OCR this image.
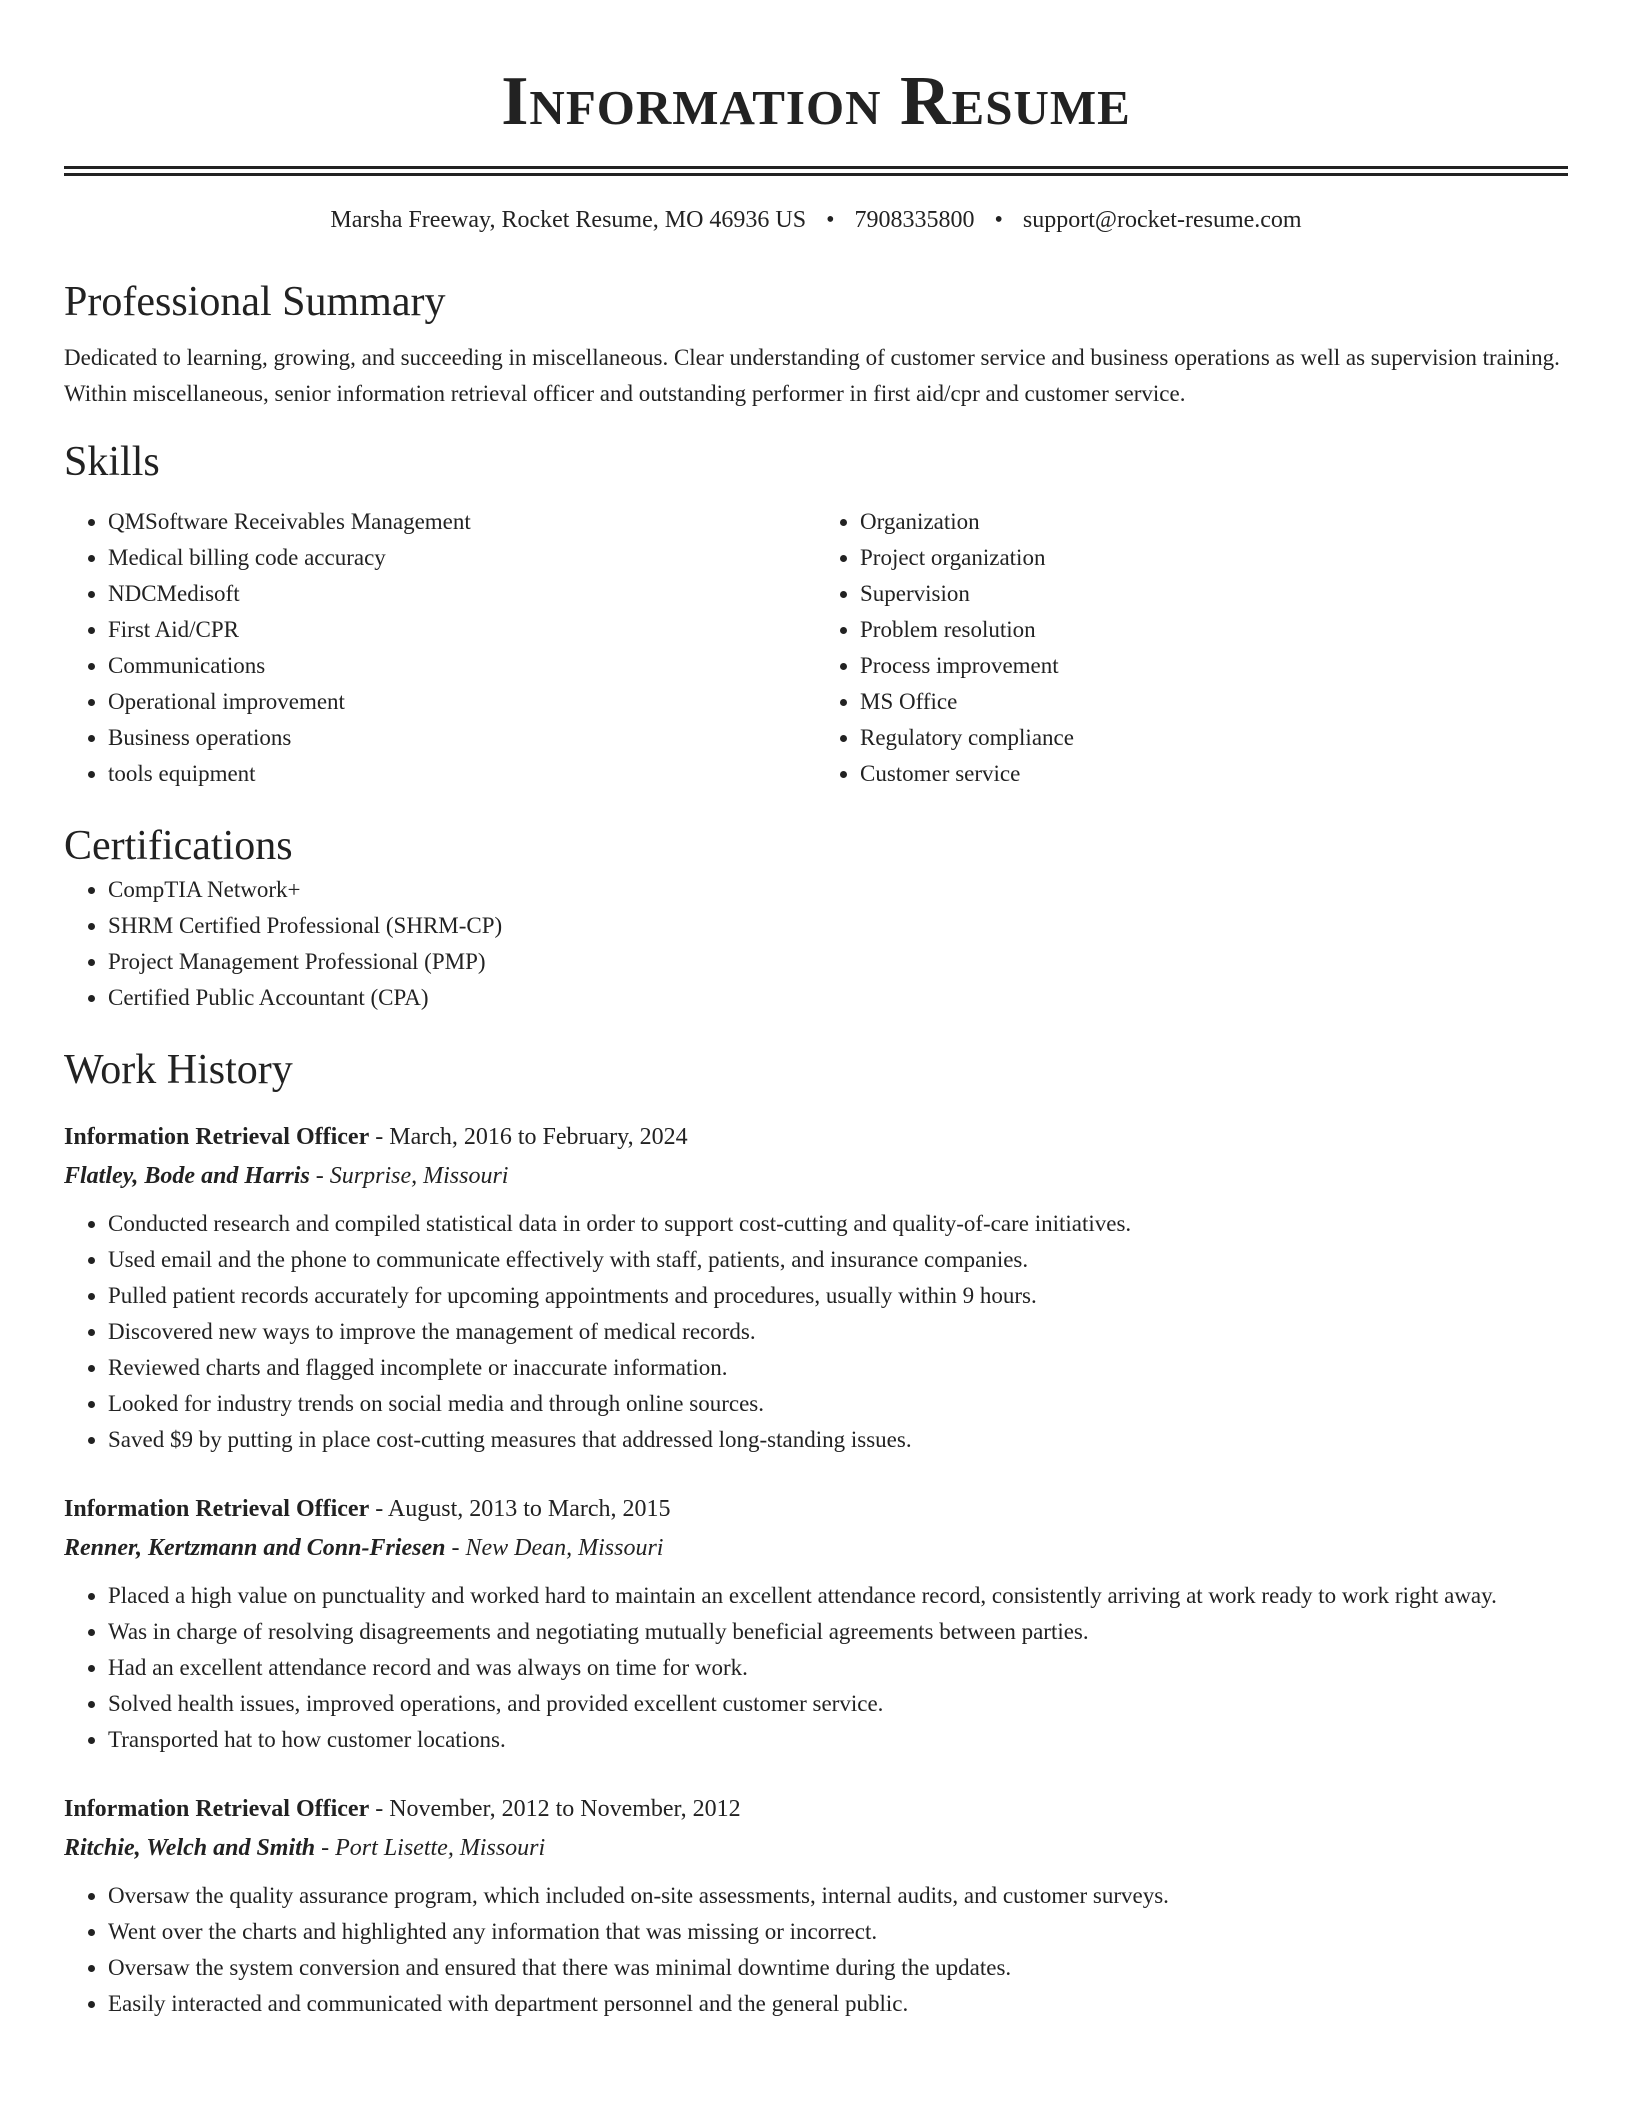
Information Resume
Marsha Freeway, Rocket Resume, MO 46936 US • 7908335800 • support@rocket-resume.com
Professional Summary

Dedicated to learning, growing, and succeeding in miscellaneous. Clear understanding of customer service and business operations as well as supervision training. Within miscellaneous, senior information retrieval officer and outstanding performer in first aid/cpr and customer service.

Skills
• QMSoftware Receivables Management
• Medical billing code accuracy
• NDCMedisoft
• First Aid/CPR
• Communications
• Operational improvement
• Business operations
• tools equipment
• Organization
• Project organization
• Supervision
• Problem resolution
• Process improvement
• MS Office
• Regulatory compliance
• Customer service
Certifications
• CompTIA Network+
• SHRM Certified Professional (SHRM-CP)
• Project Management Professional (PMP)
• Certified Public Accountant (CPA)
Work History
Information Retrieval Officer - March, 2016 to February, 2024
Flatley, Bode and Harris - Surprise, Missouri
• Conducted research and compiled statistical data in order to support cost-cutting and quality-of-care initiatives.
• Used email and the phone to communicate effectively with staff, patients, and insurance companies.
• Pulled patient records accurately for upcoming appointments and procedures, usually within 9 hours.
• Discovered new ways to improve the management of medical records.
• Reviewed charts and flagged incomplete or inaccurate information.
• Looked for industry trends on social media and through online sources.
• Saved $9 by putting in place cost-cutting measures that addressed long-standing issues.
Information Retrieval Officer - August, 2013 to March, 2015
Renner, Kertzmann and Conn-Friesen - New Dean, Missouri
• Placed a high value on punctuality and worked hard to maintain an excellent attendance record, consistently arriving at work ready to work right away.
• Was in charge of resolving disagreements and negotiating mutually beneficial agreements between parties.
• Had an excellent attendance record and was always on time for work.
• Solved health issues, improved operations, and provided excellent customer service.
• Transported hat to how customer locations.
Information Retrieval Officer - November, 2012 to November, 2012
Ritchie, Welch and Smith - Port Lisette, Missouri
• Oversaw the quality assurance program, which included on-site assessments, internal audits, and customer surveys.
• Went over the charts and highlighted any information that was missing or incorrect.
• Oversaw the system conversion and ensured that there was minimal downtime during the updates.
• Easily interacted and communicated with department personnel and the general public.
